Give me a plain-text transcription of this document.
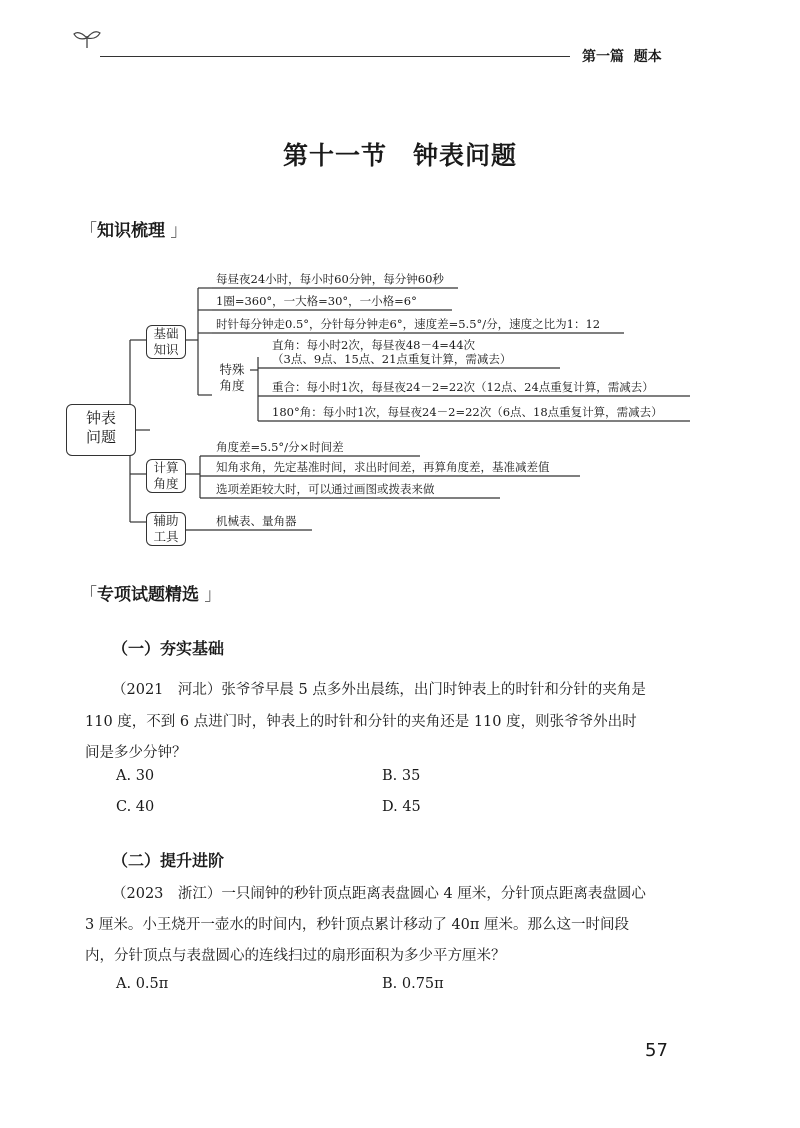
第一篇 题本
第十一节　钟表问题
「知识梳理 」
钟表
问题
基础
知识
计算
角度
辅助
工具
特殊
角度
每昼夜24小时，每小时60分钟，每分钟60秒
1圈=360°，一大格=30°，一小格=6°
时针每分钟走0.5°，分针每分钟走6°，速度差=5.5°/分，速度之比为1：12
直角：每小时2次，每昼夜48－4=44次
（3点、9点、15点、21点重复计算，需减去）
重合：每小时1次，每昼夜24－2=22次（12点、24点重复计算，需减去）
180°角：每小时1次，每昼夜24－2=22次（6点、18点重复计算，需减去）
角度差=5.5°/分×时间差
知角求角，先定基准时间，求出时间差，再算角度差，基准减差值
选项差距较大时，可以通过画图或拨表来做
机械表、量角器
「专项试题精选 」
（一）夯实基础
（2021　河北）张爷爷早晨 5 点多外出晨练，出门时钟表上的时针和分针的夹角是
110 度，不到 6 点进门时，钟表上的时针和分针的夹角还是 110 度，则张爷爷外出时
间是多少分钟？
A. 30	B. 35
C. 40	D. 45
（二）提升进阶
（2023　浙江）一只闹钟的秒针顶点距离表盘圆心 4 厘米，分针顶点距离表盘圆心
3 厘米。小王烧开一壶水的时间内，秒针顶点累计移动了 40π 厘米。那么这一时间段
内，分针顶点与表盘圆心的连线扫过的扇形面积为多少平方厘米？
A. 0.5π	B. 0.75π
57
